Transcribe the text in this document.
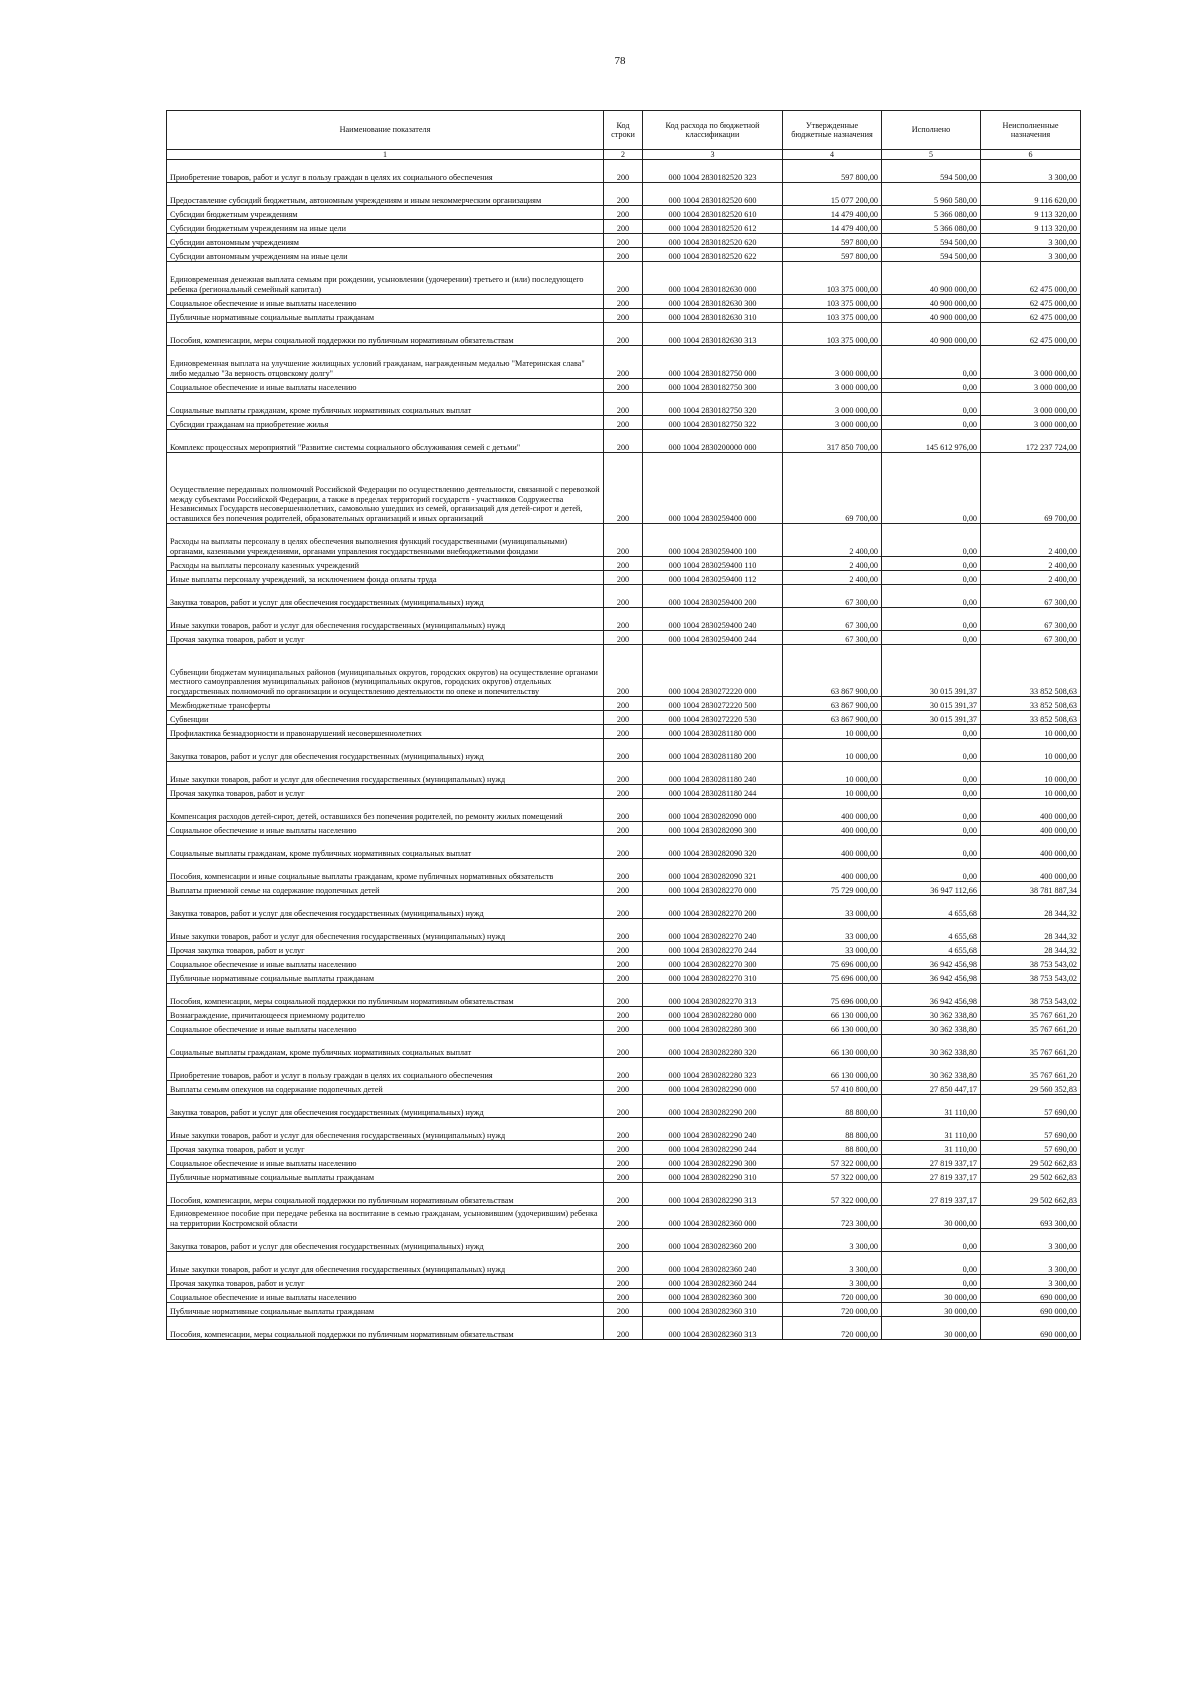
78
Наименование показателя	Код строки	Код расхода по бюджетной классификации	Утвержденные бюджетные назначения	Исполнено	Неисполненные назначения
1	2	3	4	5	6
Приобретение товаров, работ и услуг в пользу граждан в целях их социального обеспечения	200	000 1004 2830182520 323	597 800,00	594 500,00	3 300,00
Предоставление субсидий бюджетным, автономным учреждениям и иным некоммерческим организациям	200	000 1004 2830182520 600	15 077 200,00	5 960 580,00	9 116 620,00
Субсидии бюджетным учреждениям	200	000 1004 2830182520 610	14 479 400,00	5 366 080,00	9 113 320,00
Субсидии бюджетным учреждениям на иные цели	200	000 1004 2830182520 612	14 479 400,00	5 366 080,00	9 113 320,00
Субсидии автономным учреждениям	200	000 1004 2830182520 620	597 800,00	594 500,00	3 300,00
Субсидии автономным учреждениям на иные цели	200	000 1004 2830182520 622	597 800,00	594 500,00	3 300,00
Единовременная денежная выплата семьям при рождении, усыновлении (удочерении) третьего и (или) последующего ребенка (региональный семейный капитал)	200	000 1004 2830182630 000	103 375 000,00	40 900 000,00	62 475 000,00
Социальное обеспечение и иные выплаты населению	200	000 1004 2830182630 300	103 375 000,00	40 900 000,00	62 475 000,00
Публичные нормативные социальные выплаты гражданам	200	000 1004 2830182630 310	103 375 000,00	40 900 000,00	62 475 000,00
Пособия, компенсации, меры социальной поддержки по публичным нормативным обязательствам	200	000 1004 2830182630 313	103 375 000,00	40 900 000,00	62 475 000,00
Единовременная выплата на улучшение жилищных условий гражданам, награжденным медалью "Материнская слава" либо медалью "За верность отцовскому долгу"	200	000 1004 2830182750 000	3 000 000,00	0,00	3 000 000,00
Социальное обеспечение и иные выплаты населению	200	000 1004 2830182750 300	3 000 000,00	0,00	3 000 000,00
Социальные выплаты гражданам, кроме публичных нормативных социальных выплат	200	000 1004 2830182750 320	3 000 000,00	0,00	3 000 000,00
Субсидии гражданам на приобретение жилья	200	000 1004 2830182750 322	3 000 000,00	0,00	3 000 000,00
Комплекс процессных мероприятий "Развитие системы социального обслуживания семей с детьми"	200	000 1004 2830200000 000	317 850 700,00	145 612 976,00	172 237 724,00
Осуществление переданных полномочий Российской Федерации по осуществлению деятельности, связанной с перевозкой между субъектами Российской Федерации, а также в пределах территорий государств - участников Содружества Независимых Государств несовершеннолетних, самовольно ушедших из семей, организаций для детей-сирот и детей, оставшихся без попечения родителей, образовательных организаций и иных организаций	200	000 1004 2830259400 000	69 700,00	0,00	69 700,00
Расходы на выплаты персоналу в целях обеспечения выполнения функций государственными (муниципальными) органами, казенными учреждениями, органами управления государственными внебюджетными фондами	200	000 1004 2830259400 100	2 400,00	0,00	2 400,00
Расходы на выплаты персоналу казенных учреждений	200	000 1004 2830259400 110	2 400,00	0,00	2 400,00
Иные выплаты персоналу учреждений, за исключением фонда оплаты труда	200	000 1004 2830259400 112	2 400,00	0,00	2 400,00
Закупка товаров, работ и услуг для обеспечения государственных (муниципальных) нужд	200	000 1004 2830259400 200	67 300,00	0,00	67 300,00
Иные закупки товаров, работ и услуг для обеспечения государственных (муниципальных) нужд	200	000 1004 2830259400 240	67 300,00	0,00	67 300,00
Прочая закупка товаров, работ и услуг	200	000 1004 2830259400 244	67 300,00	0,00	67 300,00
Субвенции бюджетам муниципальных районов (муниципальных округов, городских округов) на осуществление органами местного самоуправления муниципальных районов (муниципальных округов, городских округов) отдельных государственных полномочий по организации и осуществлению деятельности по опеке и попечительству	200	000 1004 2830272220 000	63 867 900,00	30 015 391,37	33 852 508,63
Межбюджетные трансферты	200	000 1004 2830272220 500	63 867 900,00	30 015 391,37	33 852 508,63
Субвенции	200	000 1004 2830272220 530	63 867 900,00	30 015 391,37	33 852 508,63
Профилактика безнадзорности и правонарушений несовершеннолетних	200	000 1004 2830281180 000	10 000,00	0,00	10 000,00
Закупка товаров, работ и услуг для обеспечения государственных (муниципальных) нужд	200	000 1004 2830281180 200	10 000,00	0,00	10 000,00
Иные закупки товаров, работ и услуг для обеспечения государственных (муниципальных) нужд	200	000 1004 2830281180 240	10 000,00	0,00	10 000,00
Прочая закупка товаров, работ и услуг	200	000 1004 2830281180 244	10 000,00	0,00	10 000,00
Компенсация расходов детей-сирот, детей, оставшихся без попечения родителей, по ремонту жилых помещений	200	000 1004 2830282090 000	400 000,00	0,00	400 000,00
Социальное обеспечение и иные выплаты населению	200	000 1004 2830282090 300	400 000,00	0,00	400 000,00
Социальные выплаты гражданам, кроме публичных нормативных социальных выплат	200	000 1004 2830282090 320	400 000,00	0,00	400 000,00
Пособия, компенсации и иные социальные выплаты гражданам, кроме публичных нормативных обязательств	200	000 1004 2830282090 321	400 000,00	0,00	400 000,00
Выплаты приемной семье на содержание подопечных детей	200	000 1004 2830282270 000	75 729 000,00	36 947 112,66	38 781 887,34
Закупка товаров, работ и услуг для обеспечения государственных (муниципальных) нужд	200	000 1004 2830282270 200	33 000,00	4 655,68	28 344,32
Иные закупки товаров, работ и услуг для обеспечения государственных (муниципальных) нужд	200	000 1004 2830282270 240	33 000,00	4 655,68	28 344,32
Прочая закупка товаров, работ и услуг	200	000 1004 2830282270 244	33 000,00	4 655,68	28 344,32
Социальное обеспечение и иные выплаты населению	200	000 1004 2830282270 300	75 696 000,00	36 942 456,98	38 753 543,02
Публичные нормативные социальные выплаты гражданам	200	000 1004 2830282270 310	75 696 000,00	36 942 456,98	38 753 543,02
Пособия, компенсации, меры социальной поддержки по публичным нормативным обязательствам	200	000 1004 2830282270 313	75 696 000,00	36 942 456,98	38 753 543,02
Вознаграждение, причитающееся приемному родителю	200	000 1004 2830282280 000	66 130 000,00	30 362 338,80	35 767 661,20
Социальное обеспечение и иные выплаты населению	200	000 1004 2830282280 300	66 130 000,00	30 362 338,80	35 767 661,20
Социальные выплаты гражданам, кроме публичных нормативных социальных выплат	200	000 1004 2830282280 320	66 130 000,00	30 362 338,80	35 767 661,20
Приобретение товаров, работ и услуг в пользу граждан в целях их социального обеспечения	200	000 1004 2830282280 323	66 130 000,00	30 362 338,80	35 767 661,20
Выплаты семьям опекунов на содержание подопечных детей	200	000 1004 2830282290 000	57 410 800,00	27 850 447,17	29 560 352,83
Закупка товаров, работ и услуг для обеспечения государственных (муниципальных) нужд	200	000 1004 2830282290 200	88 800,00	31 110,00	57 690,00
Иные закупки товаров, работ и услуг для обеспечения государственных (муниципальных) нужд	200	000 1004 2830282290 240	88 800,00	31 110,00	57 690,00
Прочая закупка товаров, работ и услуг	200	000 1004 2830282290 244	88 800,00	31 110,00	57 690,00
Социальное обеспечение и иные выплаты населению	200	000 1004 2830282290 300	57 322 000,00	27 819 337,17	29 502 662,83
Публичные нормативные социальные выплаты гражданам	200	000 1004 2830282290 310	57 322 000,00	27 819 337,17	29 502 662,83
Пособия, компенсации, меры социальной поддержки по публичным нормативным обязательствам	200	000 1004 2830282290 313	57 322 000,00	27 819 337,17	29 502 662,83
Единовременное пособие при передаче ребенка на воспитание в семью гражданам, усыновившим (удочерившим) ребенка на территории Костромской области	200	000 1004 2830282360 000	723 300,00	30 000,00	693 300,00
Закупка товаров, работ и услуг для обеспечения государственных (муниципальных) нужд	200	000 1004 2830282360 200	3 300,00	0,00	3 300,00
Иные закупки товаров, работ и услуг для обеспечения государственных (муниципальных) нужд	200	000 1004 2830282360 240	3 300,00	0,00	3 300,00
Прочая закупка товаров, работ и услуг	200	000 1004 2830282360 244	3 300,00	0,00	3 300,00
Социальное обеспечение и иные выплаты населению	200	000 1004 2830282360 300	720 000,00	30 000,00	690 000,00
Публичные нормативные социальные выплаты гражданам	200	000 1004 2830282360 310	720 000,00	30 000,00	690 000,00
Пособия, компенсации, меры социальной поддержки по публичным нормативным обязательствам	200	000 1004 2830282360 313	720 000,00	30 000,00	690 000,00
